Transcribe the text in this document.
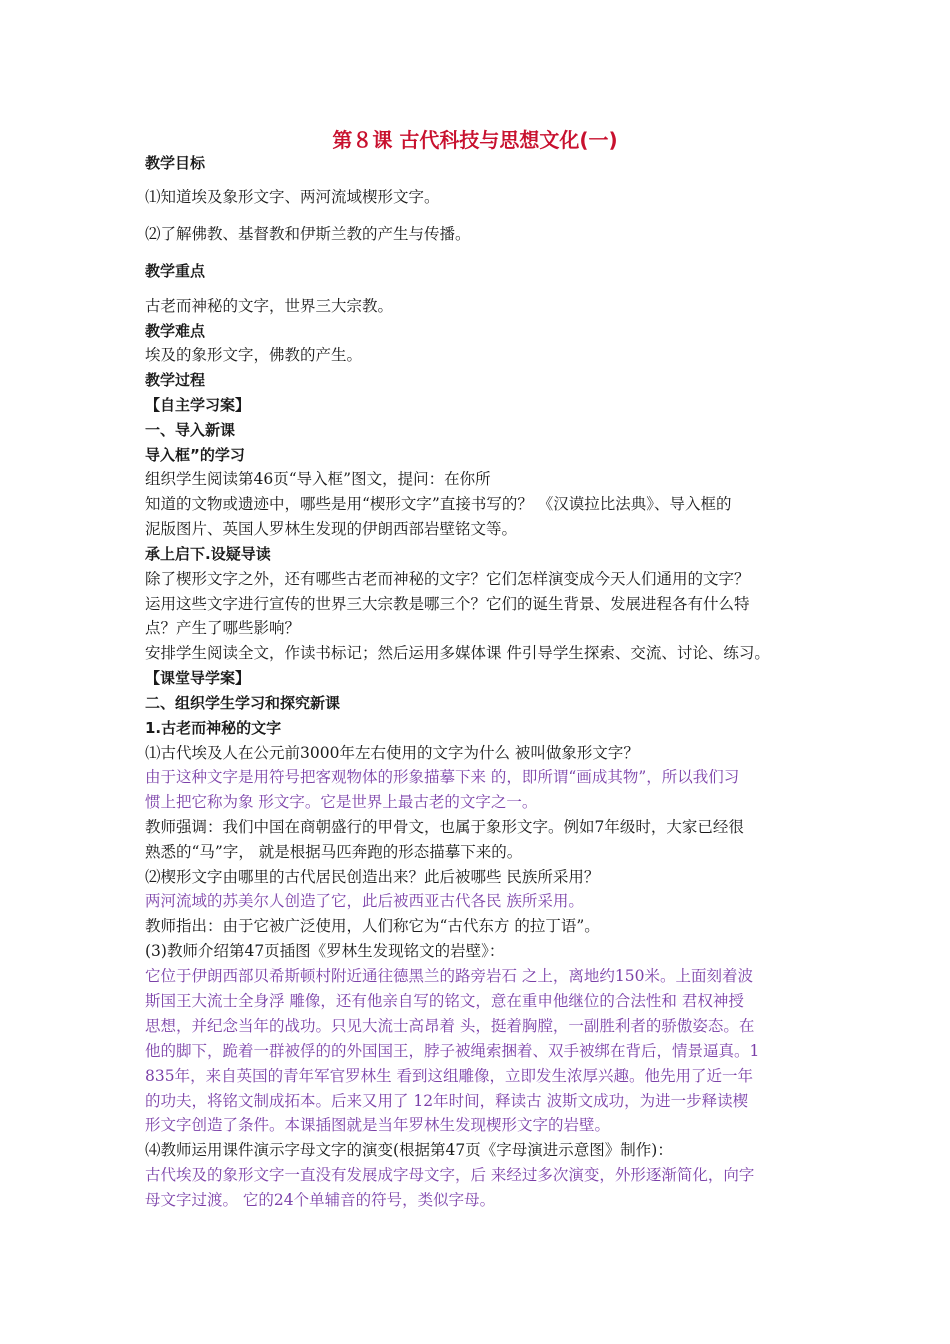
第８课 古代科技与思想文化(一)
教学目标
⑴知道埃及象形文字、两河流域楔形文字。
⑵了解佛教、基督教和伊斯兰教的产生与传播。
教学重点
古老而神秘的文字，世界三大宗教。
教学难点
埃及的象形文字，佛教的产生。
教学过程
【自主学习案】
一、导入新课
导入框”的学习
组织学生阅读第46页“导入框”图文，提问：在你所
知道的文物或遗迹中，哪些是用“楔形文字”直接书写的？ 《汉谟拉比法典》、导入框的
泥版图片、英国人罗林生发现的伊朗西部岩壁铭文等。
承上启下.设疑导读
除了楔形文字之外，还有哪些古老而神秘的文字？它们怎样演变成今天人们通用的文字？
运用这些文字进行宣传的世界三大宗教是哪三个？它们的诞生背景、发展进程各有什么特
点？产生了哪些影响？
安排学生阅读全文，作读书标记；然后运用多媒体课 件引导学生探索、交流、讨论、练习。
【课堂导学案】
二、组织学生学习和探究新课
1.古老而神秘的文字
⑴古代埃及人在公元前3000年左右使用的文字为什么 被叫做象形文字？
由于这种文字是用符号把客观物体的形象描摹下来 的，即所谓“画成其物”，所以我们习
惯上把它称为象 形文字。它是世界上最古老的文字之一。
教师强调：我们中国在商朝盛行的甲骨文，也属于象形文字。例如7年级时，大家已经很
熟悉的“马”字， 就是根据马匹奔跑的形态描摹下来的。
⑵楔形文字由哪里的古代居民创造出来？此后被哪些 民族所采用？
两河流域的苏美尔人创造了它，此后被西亚古代各民 族所采用。
教师指出：由于它被广泛使用，人们称它为“古代东方 的拉丁语”。
(3)教师介绍第47页插图《罗林生发现铭文的岩壁》：
它位于伊朗西部贝希斯顿村附近通往德黑兰的路旁岩石 之上，离地约150米。上面刻着波
斯国王大流士全身浮 雕像，还有他亲自写的铭文，意在重申他继位的合法性和 君权神授
思想，并纪念当年的战功。只见大流士高昂着 头，挺着胸膛，一副胜利者的骄傲姿态。在
他的脚下，跪着一群被俘的的外国国王，脖子被绳索捆着、双手被绑在背后，情景逼真。1
835年，来自英国的青年军官罗林生 看到这组雕像，立即发生浓厚兴趣。他先用了近一年
的功夫，将铭文制成拓本。后来又用了 12年时间，释读古 波斯文成功，为进一步释读楔
形文字创造了条件。本课插图就是当年罗林生发现楔形文字的岩壁。
⑷教师运用课件演示字母文字的演变(根据第47页《字母演进示意图》制作)：
古代埃及的象形文字一直没有发展成字母文字，后 来经过多次演变，外形逐渐简化，向字
母文字过渡。 它的24个单辅音的符号，类似字母。
